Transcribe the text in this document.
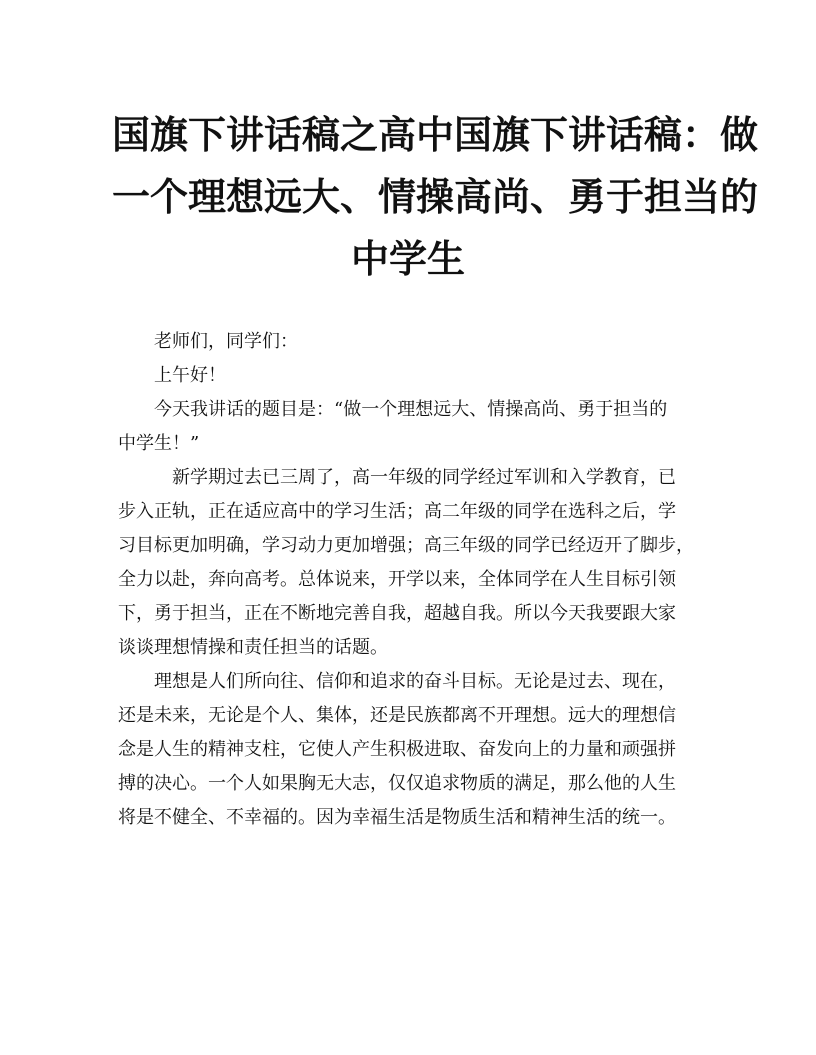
国旗下讲话稿之高中国旗下讲话稿：做
一个理想远大、情操高尚、勇于担当的
中学生

老师们，同学们：

上午好！

今天我讲话的题目是：“做一个理想远大、情操高尚、勇于担当的
中学生！”

新学期过去已三周了，高一年级的同学经过军训和入学教育，已
步入正轨，正在适应高中的学习生活；高二年级的同学在选科之后，学
习目标更加明确，学习动力更加增强；高三年级的同学已经迈开了脚步，
全力以赴，奔向高考。总体说来，开学以来，全体同学在人生目标引领
下，勇于担当，正在不断地完善自我，超越自我。所以今天我要跟大家
谈谈理想情操和责任担当的话题。

理想是人们所向往、信仰和追求的奋斗目标。无论是过去、现在，
还是未来，无论是个人、集体，还是民族都离不开理想。远大的理想信
念是人生的精神支柱，它使人产生积极进取、奋发向上的力量和顽强拼
搏的决心。一个人如果胸无大志，仅仅追求物质的满足，那么他的人生
将是不健全、不幸福的。因为幸福生活是物质生活和精神生活的统一。
